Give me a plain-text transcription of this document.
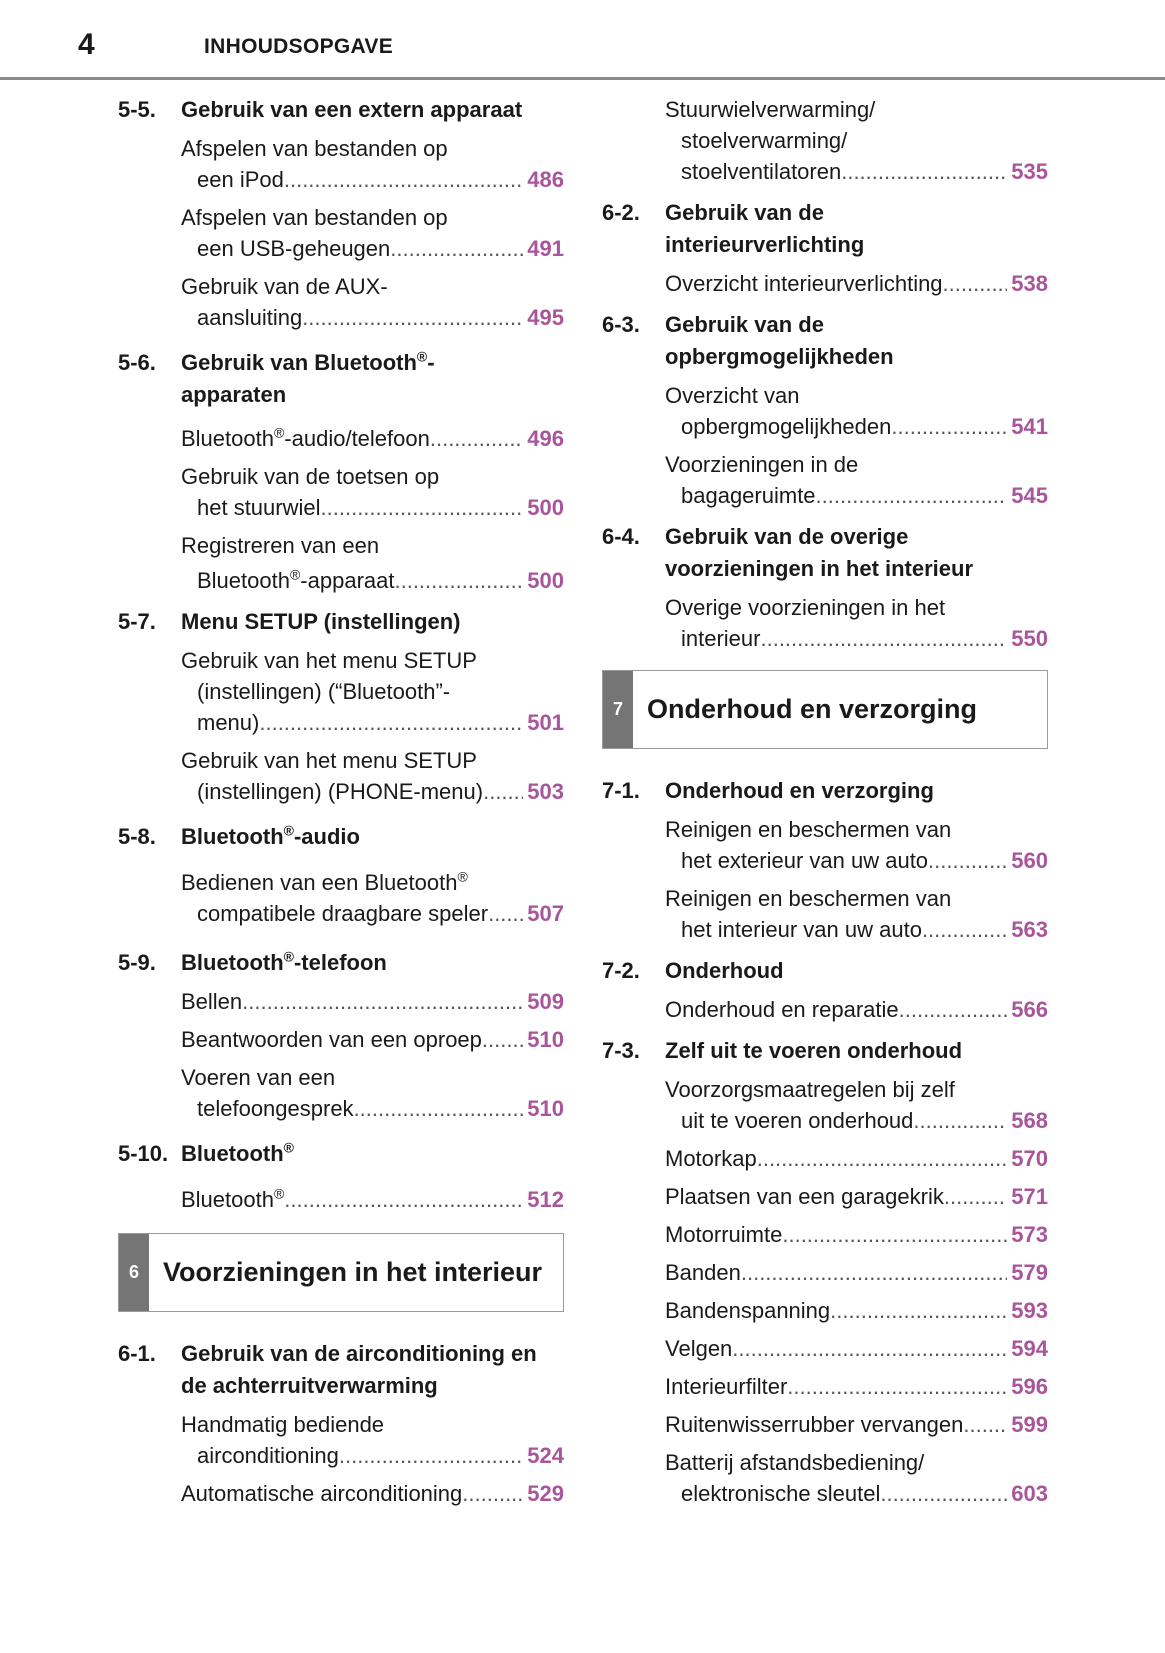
4	INHOUDSOPGAVE
5-5. Gebruik van een extern apparaat
Afspelen van bestanden op
een iPod .....	486
Afspelen van bestanden op
een USB-geheugen .....	491
Gebruik van de AUX-
aansluiting .....	495
5-6. Gebruik van Bluetooth®-
apparaten
Bluetooth®-audio/telefoon .....	496
Gebruik van de toetsen op
het stuurwiel .....	500
Registreren van een
Bluetooth®-apparaat .....	500
5-7. Menu SETUP (instellingen)
Gebruik van het menu SETUP
(instellingen) (“Bluetooth”-
menu) .....	501
Gebruik van het menu SETUP
(instellingen) (PHONE-menu) ..... 503
5-8. Bluetooth®-audio
Bedienen van een Bluetooth®
compatibele draagbare speler ..... 507
5-9. Bluetooth®-telefoon
Bellen .....	509
Beantwoorden van een oproep ..... 510
Voeren van een
telefoongesprek .....	510
5-10. Bluetooth®
Bluetooth® .....	512
6 Voorzieningen in het interieur
6-1. Gebruik van de airconditioning en
de achterruitverwarming
Handmatig bediende
airconditioning .....	524
Automatische airconditioning .....	529
Stuurwielverwarming/
stoelverwarming/
stoelventilatoren .....	535
6-2. Gebruik van de
interieurverlichting
Overzicht interieurverlichting .....	538
6-3. Gebruik van de
opbergmogelijkheden
Overzicht van
opbergmogelijkheden .....	541
Voorzieningen in de
bagageruimte .....	545
6-4. Gebruik van de overige
voorzieningen in het interieur
Overige voorzieningen in het
interieur .....	550
7 Onderhoud en verzorging
7-1. Onderhoud en verzorging
Reinigen en beschermen van
het exterieur van uw auto .....	560
Reinigen en beschermen van
het interieur van uw auto .....	563
7-2. Onderhoud
Onderhoud en reparatie .....	566
7-3. Zelf uit te voeren onderhoud
Voorzorgsmaatregelen bij zelf
uit te voeren onderhoud .....	568
Motorkap .....	570
Plaatsen van een garagekrik .....	571
Motorruimte .....	573
Banden .....	579
Bandenspanning .....	593
Velgen .....	594
Interieurfilter .....	596
Ruitenwisserrubber vervangen ..... 599
Batterij afstandsbediening/
elektronische sleutel .....	603
